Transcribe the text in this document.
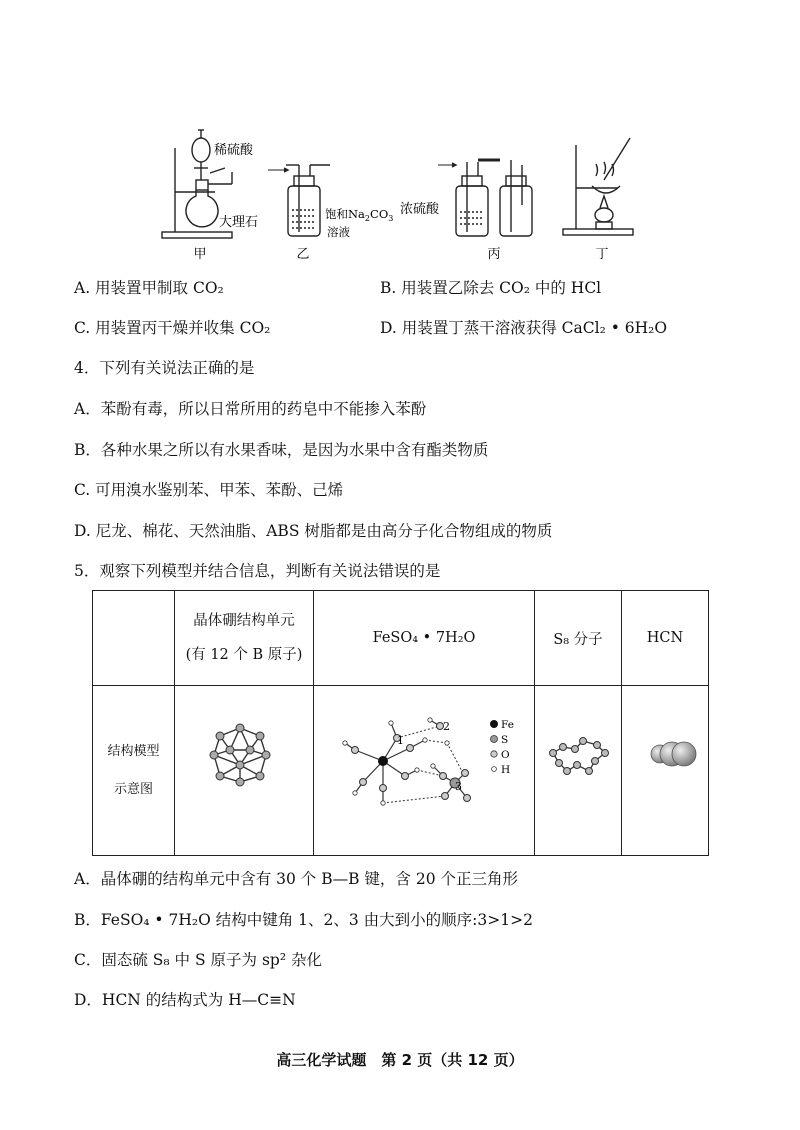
稀硫酸
大理石
饱和$Na_2CO_3$
溶液
浓硫酸
甲	乙	丙	丁
A. 用装置甲制取 CO₂	B. 用装置乙除去 CO₂ 中的 HCl
C. 用装置丙干燥并收集 CO₂	D. 用装置丁蒸干溶液获得 CaCl₂ • 6H₂O
4．下列有关说法正确的是
A．苯酚有毒，所以日常所用的药皂中不能掺入苯酚
B．各种水果之所以有水果香味，是因为水果中含有酯类物质
C. 可用溴水鉴别苯、甲苯、苯酚、己烯
D. 尼龙、棉花、天然油脂、ABS 树脂都是由高分子化合物组成的物质
5．观察下列模型并结合信息，判断有关说法错误的是

	晶体硼结构单元
(有 12 个 B 原子)	FeSO₄ • 7H₂O	S₈ 分子	HCN

结构模型
示意图				

1
2
3
Fe
S
O
H
A．晶体硼的结构单元中含有 30 个 B—B 键，含 20 个正三角形
B．FeSO₄ • 7H₂O 结构中键角 1、2、3 由大到小的顺序:3>1>2
C．固态硫 S₈ 中 S 原子为 sp² 杂化
D．HCN 的结构式为 H—C≡N
高三化学试题　第 2 页（共 12 页）
